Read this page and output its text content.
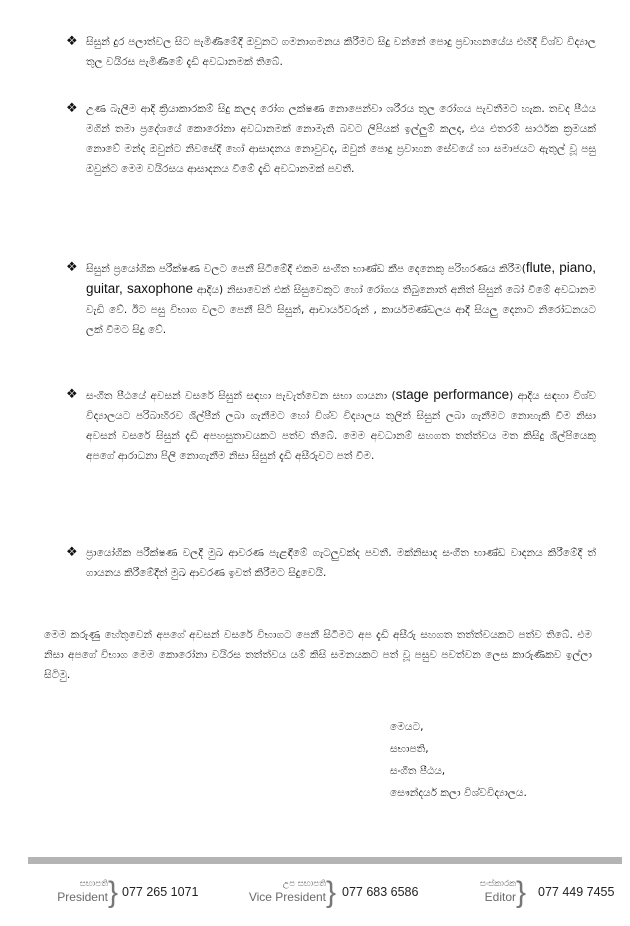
❖ සිසුන් දුර පලාත්වල සිට පැමිණීමේදී ඔවුනට ගමනාගමනය කිරීමට සිදු වන්නේ පොදු ප්‍රවාහනයේය එහිදී විශ්ව විද්‍යාල තුල වයිරස පැමිණීමේ දැඩි අවධානමක් තිබේ.
❖ උණ බැලීම ආදි ක්‍රියාකාරකම් සිදු කලද රෝග ලක්ෂණ නොපෙන්වා ශරීරය තුල රෝගය පැවතීමට හැක. තවද පීඨය මගින් තමා ප්‍රදේශයේ කොරෝනා අවධානමක් නොමැති බවට ලිපියක් ඉල්ලුම් කලද, එය එතරම් සාර්ථක ක්‍රමයක් නොවේ මන්ද ඔවුන්ට නිවසේදී හෝ ආසාදනය නොවුවද, ඔවුන් පොදු ප්‍රවාහන සේවයේ හා සමාජයට ඇතුල් වූ පසු ඔවුන්ට මෙම වයිරසය ආසාදනය වීමේ දැඩි අවධානමක් පවතී.
❖ සිසුන් ප්‍රයෝගික පරීක්ෂණ වලට පෙනී සිටීමේදී එකම සංගීත භාණ්ඩ කීප දෙනෙකු පරිහරණය කිරීම(flute, piano, guitar, saxophone ආදිය) නිසාවෙන් එක් සිසුවෙකුට හෝ රෝගය තිබුනොත් අනිත් සිසුන් බෝ වීමේ අවධානම වැඩි වේ. ඊට පසු විභාග වලට පෙනී සිටි සිසුන්, ආචාර්යවරුන් , කාර්යමණ්ඩලය ආදී සියලු දෙනාට නිරෝධනයට ලක් වීමට සිදු වේ.
❖ සංගීත පීඨයේ අවසන් වසරේ සිසුන් සඳහා පැවැත්වෙන සභා ගායනා (stage performance) ආදිය සඳහා විශ්ව විද්‍යාලයට පරිබාහිරව ශිල්පීන් ලබා ගැනීමට හෝ විශ්ව විද්‍යාලය තුලින් සිසුන් ලබා ගැනීමට නොහැකි වීම නිසා අවසන් වසරේ සිසුන් දැඩි අපහසුතාවයකට පත්ව තිබේ. මෙම අවධානම් සහගත තත්ත්වය මත කිසිදු ශිල්පියෙකු අපගේ ආරාධනා පිලි නොගැනීම නිසා සිසුන් දැඩි අසීරුවට පත් වීම.
❖ ප්‍රායෝගික පරීක්ෂණ වලදී මුඛ ආවරණ පැළඳීමේ ගැටලුවක්ද පවතී. මක්නිසාද සංගීත භාණ්ඩ වාදනය කිරීමේදී ත් ගායනය කිරීමේදීත් මුඛ ආවරණ ඉවත් කිරීමට සිදුවෙයි.
මෙම කරුණු හේතුවෙන් අපගේ අවසන් වසරේ විභාගට පෙනී සිටීමට අප දැඩි අසීරු සහගත තත්ත්වයකට පත්ව තිබේ. එම නිසා අපගේ විභාග මෙම කොරෝනා වයිරස තත්ත්වය යම් කිසි සමනයකට පත් වූ පසුව පවත්වන ලෙස කාරුණිකව ඉල්ලා සිටිමු.
මෙයට,
සභාපති,
සංගීත පීඨය,
සෞන්දර්ය කලා විශ්වවිද්‍යාලය.
සභාපති
President } 077 265 1071
උප සභාපති
Vice President } 077 683 6586
සංස්කාරක
Editor } 077 449 7455
